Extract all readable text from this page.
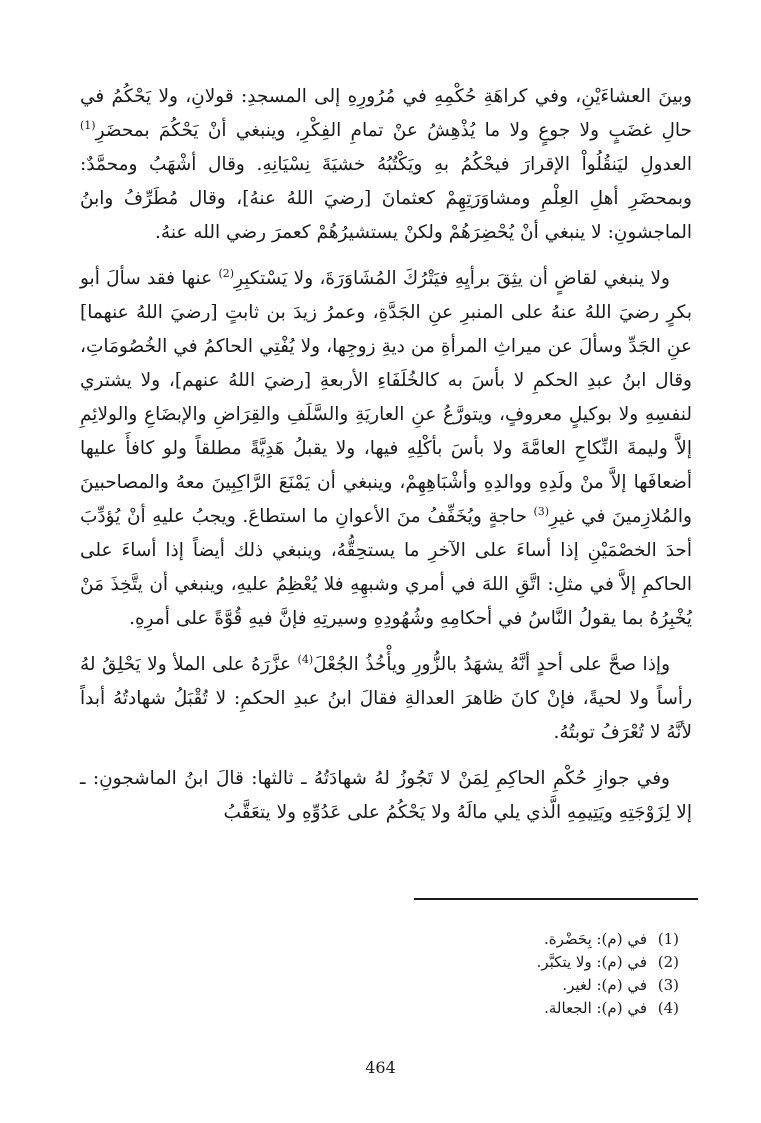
وبينَ العشاءَيْنِ، وفي كراهَةِ حُكْمِهِ في مُرُورِهِ إلى المسجدِ: قولانِ، ولا يَحْكُمُ في حالِ غضَبٍ ولا جوعٍ ولا ما يُذْهِشُ عنْ تمامِ الفِكْرِ، وينبغي أنْ يَحْكُمَ بمحضَرِ$^{(1)}$ العدولِ ليَنقُلُواْ الإقرارَ فيحْكُمُ بهِ ويَكْتُبُهُ خشيَةَ نِسْيَانِهِ. وقال أشْهَبُ ومحمَّدٌ: وبمحضَرِ أهلِ العِلْمِ ومشاوَرَتِهِمْ كعثمانَ [رضيَ اللهُ عنهُ]، وقال مُطَرِّفُ وابنُ الماجشونِ: لا ينبغي أنْ يُحْضِرَهُمْ ولكنْ يستشيرُهُمْ كعمرَ رضي الله عنهُ.

ولا ينبغي لقاضٍ أن يثِقَ برأيِهِ فيَتْرُكَ المُشَاوَرَةَ، ولا يَسْتكبِرِ$^{(2)}$ عنها فقد سألَ أبو بكرٍ رضيَ اللهُ عنهُ على المنبرِ عنِ الجَدَّةِ، وعمرُ زيدَ بن ثابتٍ [رضيَ اللهُ عنهما] عنِ الجَدِّ وسألَ عن ميراثِ المرأةِ من ديةِ زوجِها، ولا يُفْتِي الحاكمُ في الخُصُومَاتِ، وقال ابنُ عبدِ الحكمِ لا بأسَ به كالخُلَفَاءِ الأربعةِ [رضيَ اللهُ عنهم]، ولا يشتري لنفسِهِ ولا بوكيلٍ معروفٍ، ويتورَّعُ عنِ العاريَةِ والسَّلَفِ والقِرَاضِ والإبضَاعِ والولائِمِ إلاَّ وليمةَ النِّكاحِ العامَّةَ ولا بأسَ بأكْلِهِ فيها، ولا يقبلُ هَدِيَّةً مطلقاً ولو كافأَ عليها أضعافَها إلاَّ منْ ولَدِهِ ووالدِهِ وأشْبَاهِهِمْ، وينبغي أن يَمْنَعَ الرَّاكِبِينَ معهُ والمصاحبينَ والمُلازِمينَ في غيرِ$^{(3)}$ حاجةٍ ويُخَفِّفُ منَ الأعوانِ ما استطاعَ. ويجبُ عليهِ أنْ يُؤدِّبَ أحدَ الخصْمَيْنِ إذا أساءَ على الآخرِ ما يستحِقُّهُ، وينبغي ذلك أيضاً إذا أساءَ على الحاكمِ إلاَّ في مثلِ: اتَّقِ اللهَ في أمري وشبهِهِ فلا يُعْظِمُ عليهِ، وينبغي أن يتَّخِذَ مَنْ يُخْبِرُهُ بما يقولُ النَّاسُ في أحكامِهِ وشُهُودِهِ وسيرتِهِ فإنَّ فيهِ قُوَّةً على أمرِهِ.

وإذا صحَّ على أحدٍ أنَّهُ يشهَدُ بالزُّورِ ويأْخُذُ الجُعْلَ$^{(4)}$ عزَّرَهُ على الملأ ولا يَحْلِقُ لهُ رأساً ولا لحيةً، فإنْ كانَ ظاهرَ العدالةِ فقالَ ابنُ عبدِ الحكمِ: لا تُقْبَلُ شهادتُهُ أبداً لأنَّهُ لا تُعْرَفُ توبتُهُ.

وفي جوازِ حُكْمِ الحاكِمِ لِمَنْ لا تَجُوزُ لهُ شهادَتُهُ ـ ثالثها: قالَ ابنُ الماشجونِ: ـ إلا لِزَوْجَتِهِ ويَتِيمِهِ الَّذي يلي مالَهُ ولا يَحْكُمُ على عَدُوِّهِ ولا يتعَقَّبُ

(1)في (م): بِحَضْرة.
(2)في (م): ولا يتكبَّر.
(3)في (م): لغير.
(4)في (م): الجعالة.
464
